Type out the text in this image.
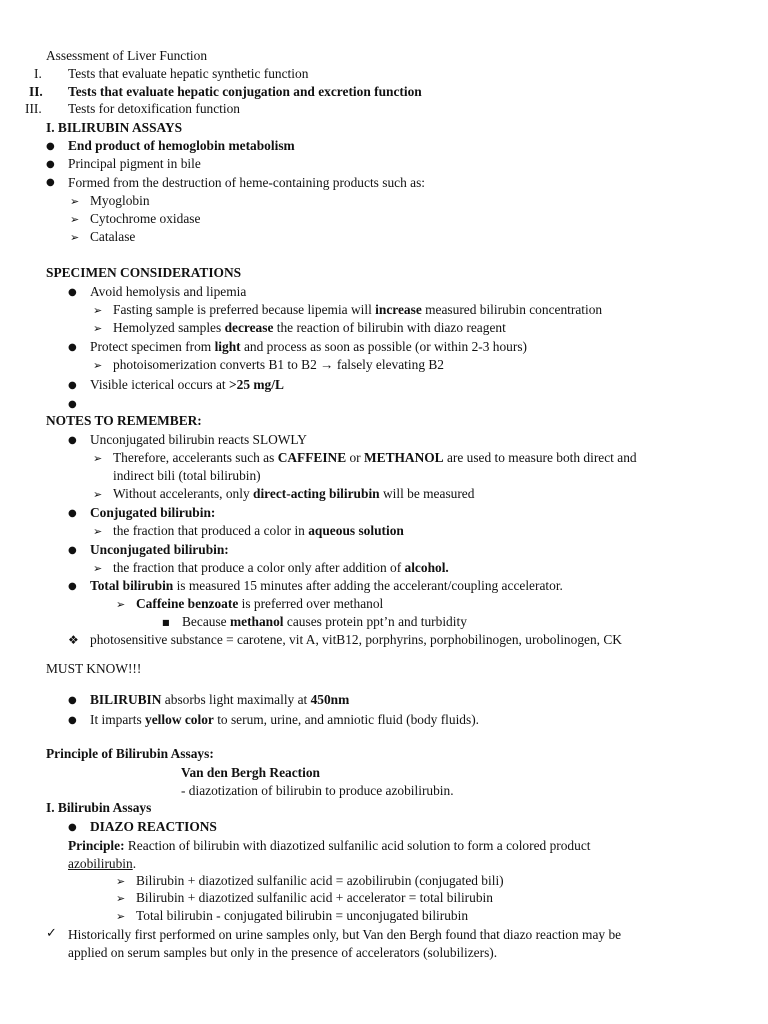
Assessment of Liver Function
I. Tests that evaluate hepatic synthetic function
II. Tests that evaluate hepatic conjugation and excretion function
III. Tests for detoxification function
I. BILIRUBIN ASSAYS
● End product of hemoglobin metabolism
● Principal pigment in bile
● Formed from the destruction of heme-containing products such as:
➢ Myoglobin
➢ Cytochrome oxidase
➢ Catalase
SPECIMEN CONSIDERATIONS
● Avoid hemolysis and lipemia
➢ Fasting sample is preferred because lipemia will increase measured bilirubin concentration
➢ Hemolyzed samples decrease the reaction of bilirubin with diazo reagent
● Protect specimen from light and process as soon as possible (or within 2-3 hours)
➢ photoisomerization converts B1 to B2 → falsely elevating B2
● Visible icterical occurs at >25 mg/L
●
NOTES TO REMEMBER:
● Unconjugated bilirubin reacts SLOWLY
➢ Therefore, accelerants such as CAFFEINE or METHANOL are used to measure both direct and
indirect bili (total bilirubin)
➢ Without accelerants, only direct-acting bilirubin will be measured
● Conjugated bilirubin:
➢ the fraction that produced a color in aqueous solution
● Unconjugated bilirubin:
➢ the fraction that produce a color only after addition of alcohol.
● Total bilirubin is measured 15 minutes after adding the accelerant/coupling accelerator.
➢ Caffeine benzoate is preferred over methanol
■ Because methanol causes protein ppt’n and turbidity
❖ photosensitive substance = carotene, vit A, vitB12, porphyrins, porphobilinogen, urobolinogen, CK
MUST KNOW!!!
● BILIRUBIN absorbs light maximally at 450nm
● It imparts yellow color to serum, urine, and amniotic fluid (body fluids).
Principle of Bilirubin Assays:
Van den Bergh Reaction
- diazotization of bilirubin to produce azobilirubin.
I. Bilirubin Assays
● DIAZO REACTIONS
Principle: Reaction of bilirubin with diazotized sulfanilic acid solution to form a colored product
azobilirubin.
➢ Bilirubin + diazotized sulfanilic acid = azobilirubin (conjugated bili)
➢ Bilirubin + diazotized sulfanilic acid + accelerator = total bilirubin
➢ Total bilirubin - conjugated bilirubin = unconjugated bilirubin
✓ Historically first performed on urine samples only, but Van den Bergh found that diazo reaction may be
applied on serum samples but only in the presence of accelerators (solubilizers).
